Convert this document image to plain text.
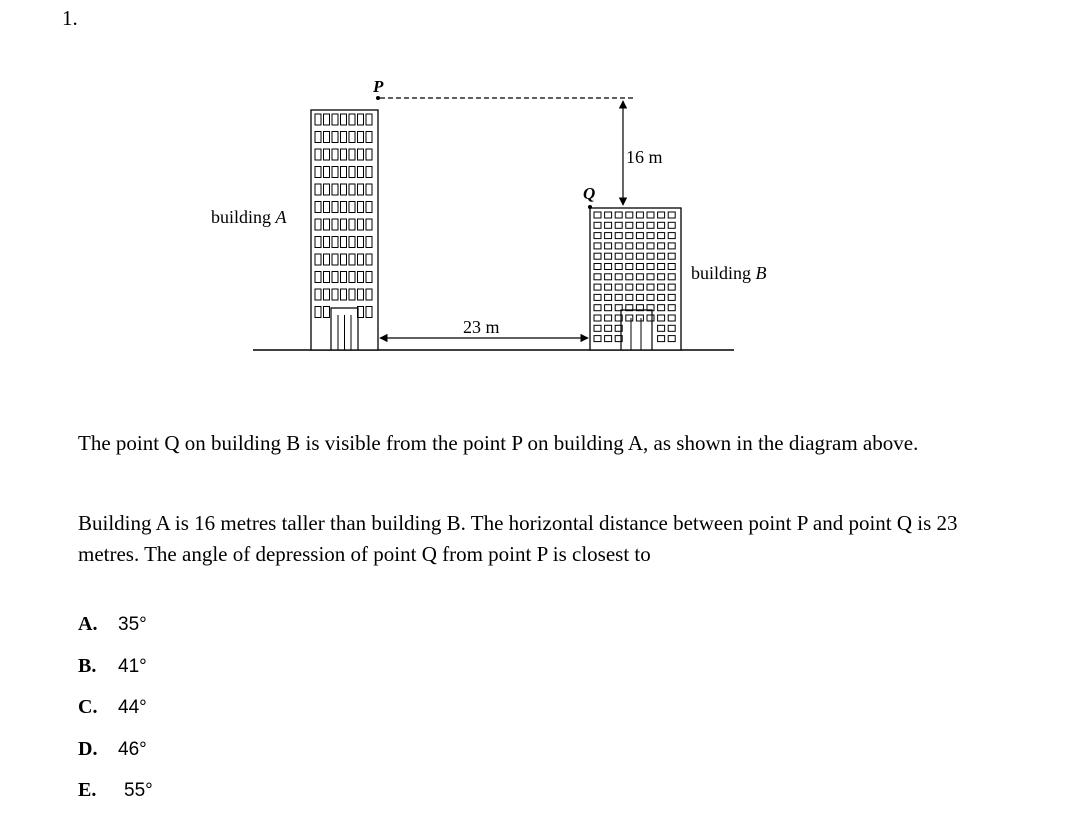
1.
P
Q
16 m
23 m
building A
building B

The point Q on building B is visible from the point P on building A, as shown in the diagram above.

Building A is 16 metres taller than building B. The horizontal distance between point P and point Q is 23 metres. The angle of depression of point Q from point P is closest to

A. 35°
B. 41°
C. 44°
D. 46°
E. 55°
